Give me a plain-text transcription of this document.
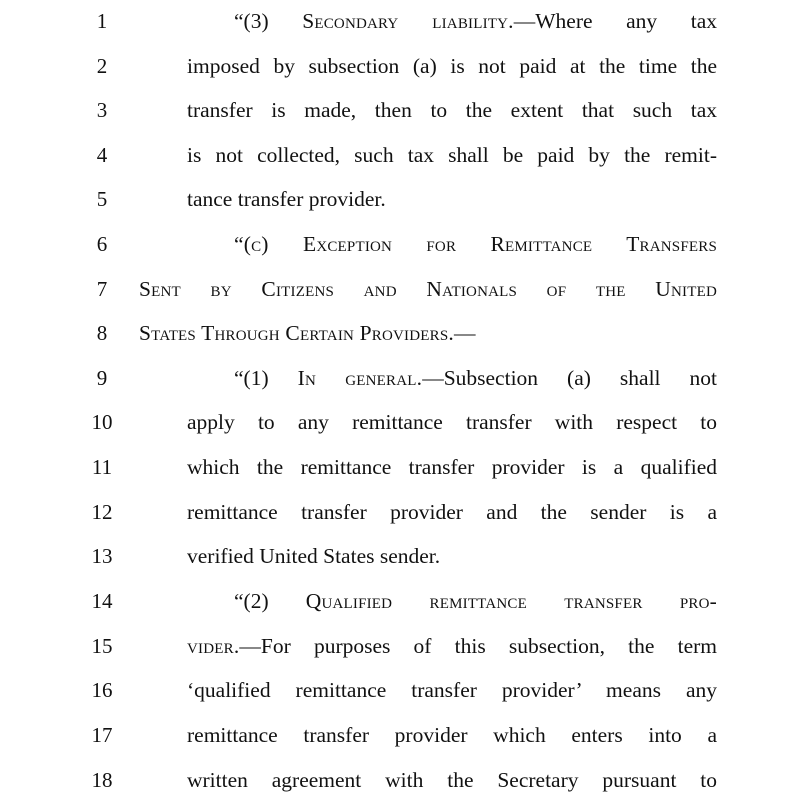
1	“(3) Secondary liability.—Where any tax
2	imposed by subsection (a) is not paid at the time the
3	transfer is made, then to the extent that such tax
4	is not collected, such tax shall be paid by the remit-
5	tance transfer provider.
6	“(c) Exception for Remittance Transfers
7	Sent by Citizens and Nationals of the United
8	States Through Certain Providers.—
9	“(1) In general.—Subsection (a) shall not
10	apply to any remittance transfer with respect to
11	which the remittance transfer provider is a qualified
12	remittance transfer provider and the sender is a
13	verified United States sender.
14	“(2) Qualified remittance transfer pro-
15	vider.—For purposes of this subsection, the term
16	‘qualified remittance transfer provider’ means any
17	remittance transfer provider which enters into a
18	written agreement with the Secretary pursuant to
